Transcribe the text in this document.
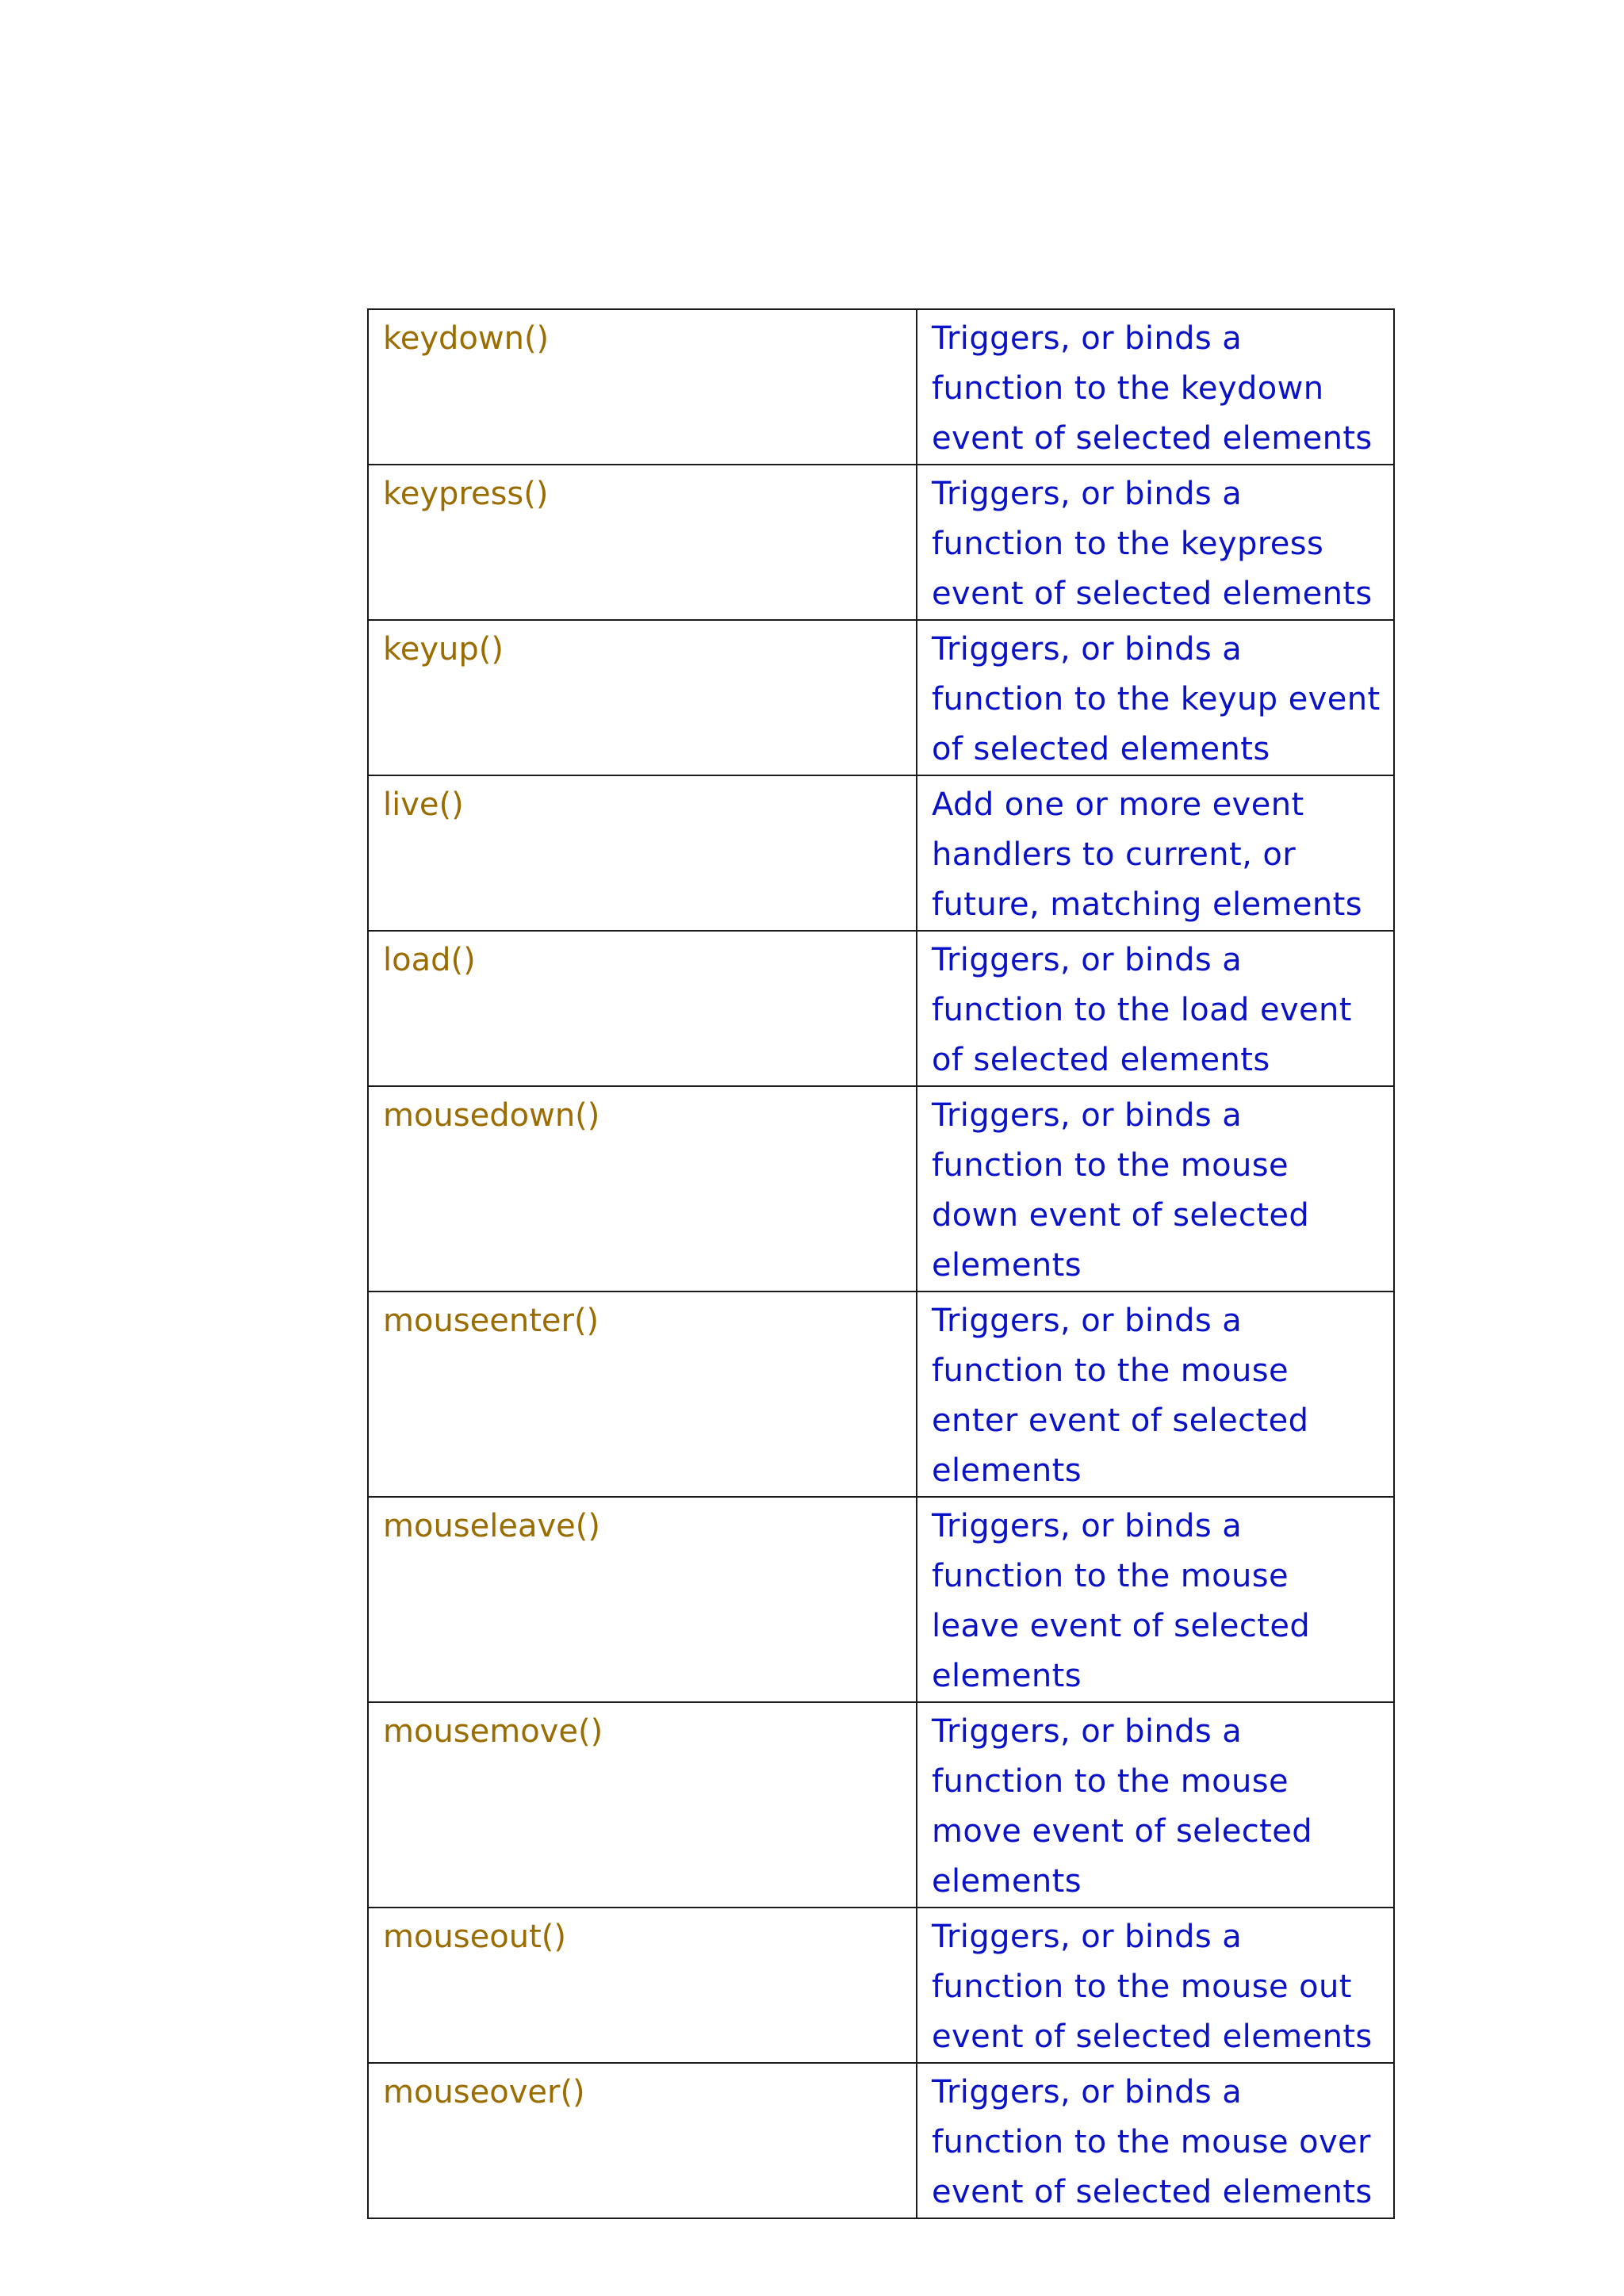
keydown()	Triggers, or binds a function to the keydown event of selected elements
keypress()	Triggers, or binds a function to the keypress event of selected elements
keyup()	Triggers, or binds a function to the keyup event of selected elements
live()	Add one or more event handlers to current, or future, matching elements
load()	Triggers, or binds a function to the load event of selected elements
mousedown()	Triggers, or binds a function to the mouse down event of selected elements
mouseenter()	Triggers, or binds a function to the mouse enter event of selected elements
mouseleave()	Triggers, or binds a function to the mouse leave event of selected elements
mousemove()	Triggers, or binds a function to the mouse move event of selected elements
mouseout()	Triggers, or binds a function to the mouse out event of selected elements
mouseover()	Triggers, or binds a function to the mouse over event of selected elements
